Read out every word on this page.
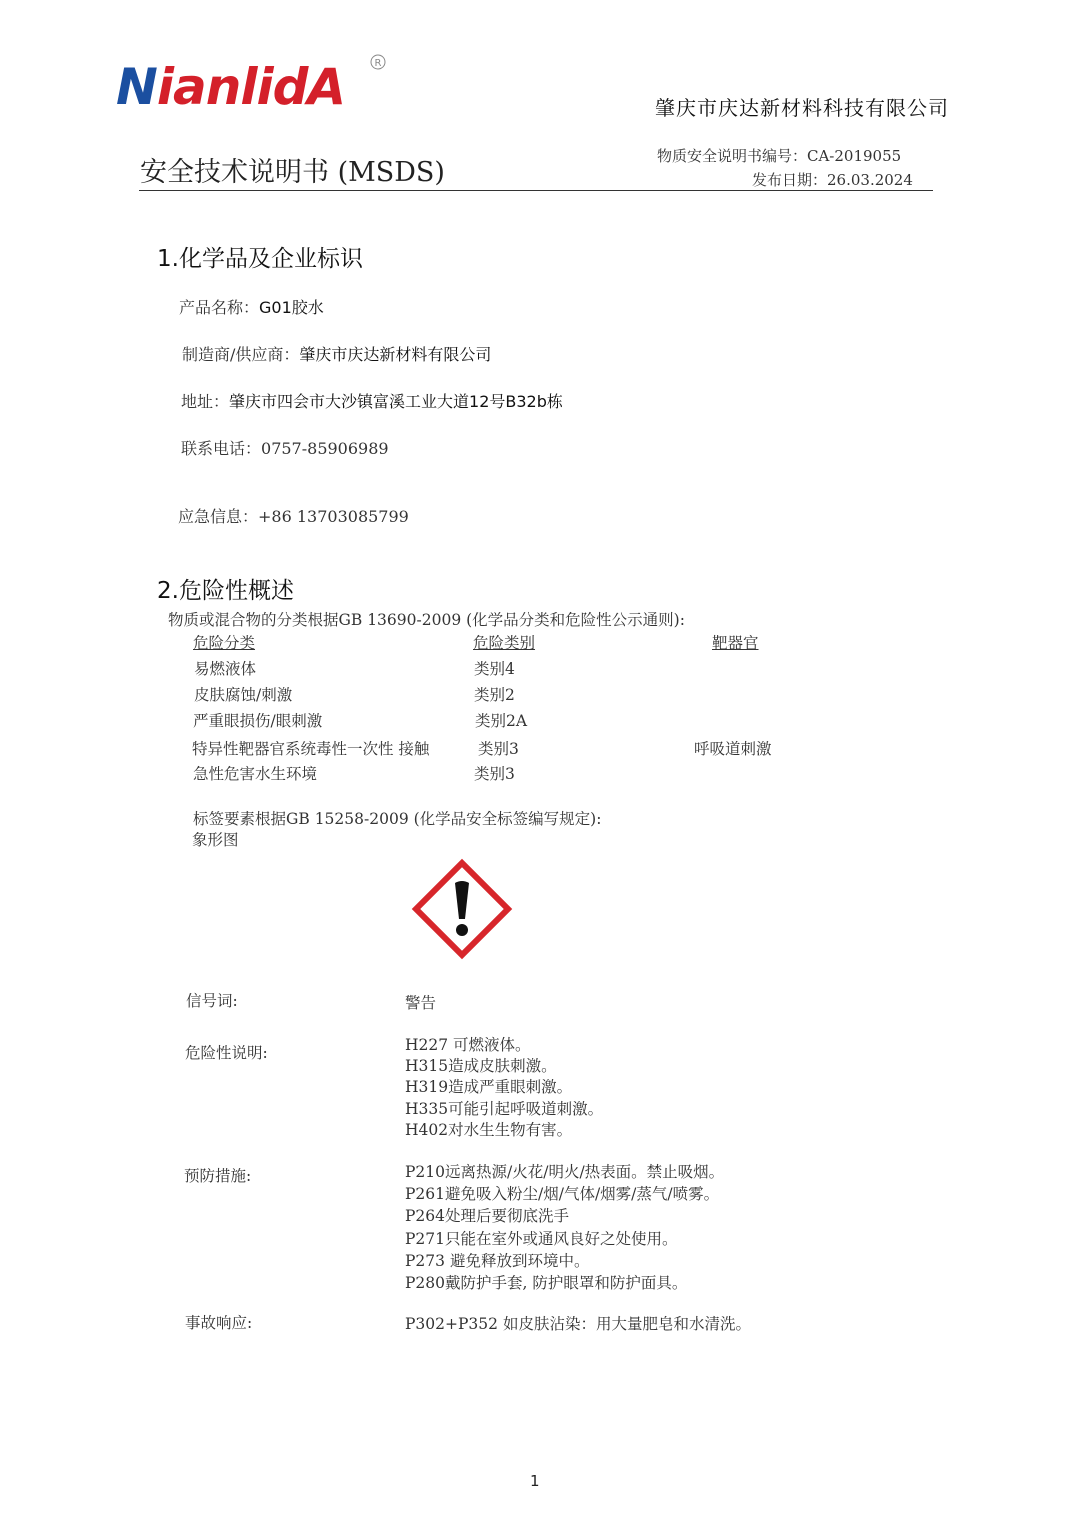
NianlidA	R
肇庆市庆达新材料科技有限公司
安全技术说明书 (MSDS)
物质安全说明书编号：CA-2019055
发布日期：26.03.2024
1.化学品及企业标识
产品名称：G01胶水
制造商/供应商：肇庆市庆达新材料有限公司
地址：肇庆市四会市大沙镇富溪工业大道12号B32b栋
联系电话：0757-85906989
应急信息：+86 13703085799
2.危险性概述
物质或混合物的分类根据GB 13690-2009 (化学品分类和危险性公示通则):
危险分类	危险类别	靶器官
易燃液体	类别4
皮肤腐蚀/刺激	类别2
严重眼损伤/眼刺激	类别2A
特异性靶器官系统毒性一次性 接触	类别3	呼吸道刺激
急性危害水生环境	类别3
标签要素根据GB 15258-2009 (化学品安全标签编写规定):
象形图
信号词:	警告
危险性说明:	H227 可燃液体。
H315造成皮肤刺激。
H319造成严重眼刺激。
H335可能引起呼吸道刺激。
H402对水生生物有害。
预防措施:	P210远离热源/火花/明火/热表面。禁止吸烟。
P261避免吸入粉尘/烟/气体/烟雾/蒸气/喷雾。
P264处理后要彻底洗手
P271只能在室外或通风良好之处使用。
P273 避免释放到环境中。
P280戴防护手套, 防护眼罩和防护面具。
事故响应:	P302+P352 如皮肤沾染：用大量肥皂和水清洗。
1
